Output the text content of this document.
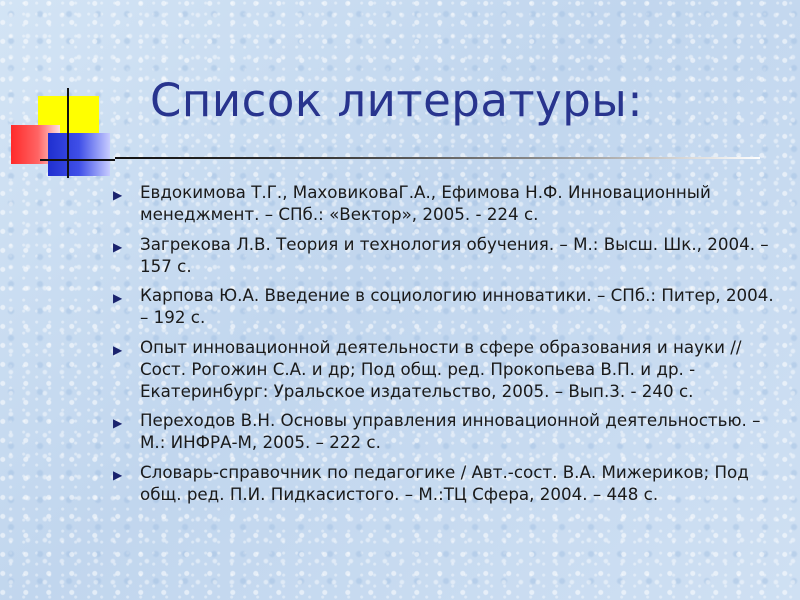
Список литературы:
▶ Евдокимова Т.Г., МаховиковаГ.А., Ефимова Н.Ф. Инновационный менеджмент. – СПб.: «Вектор», 2005. - 224 с.
▶ Загрекова Л.В. Теория и технология обучения. – М.: Высш. Шк., 2004. – 157 с.
▶ Карпова Ю.А. Введение в социологию инноватики. – СПб.: Питер, 2004. – 192 с.
▶ Опыт инновационной деятельности в сфере образования и науки // Сост. Рогожин С.А. и др; Под общ. ред. Прокопьева В.П. и др. - Екатеринбург: Уральское издательство, 2005. – Вып.3. - 240 с.
▶ Переходов В.Н. Основы управления инновационной деятельностью. – М.: ИНФРА-М, 2005. – 222 с.
▶ Словарь-справочник по педагогике / Авт.-сост. В.А. Мижериков; Под общ. ред. П.И. Пидкасистого. – М.:ТЦ Сфера, 2004. – 448 с.
